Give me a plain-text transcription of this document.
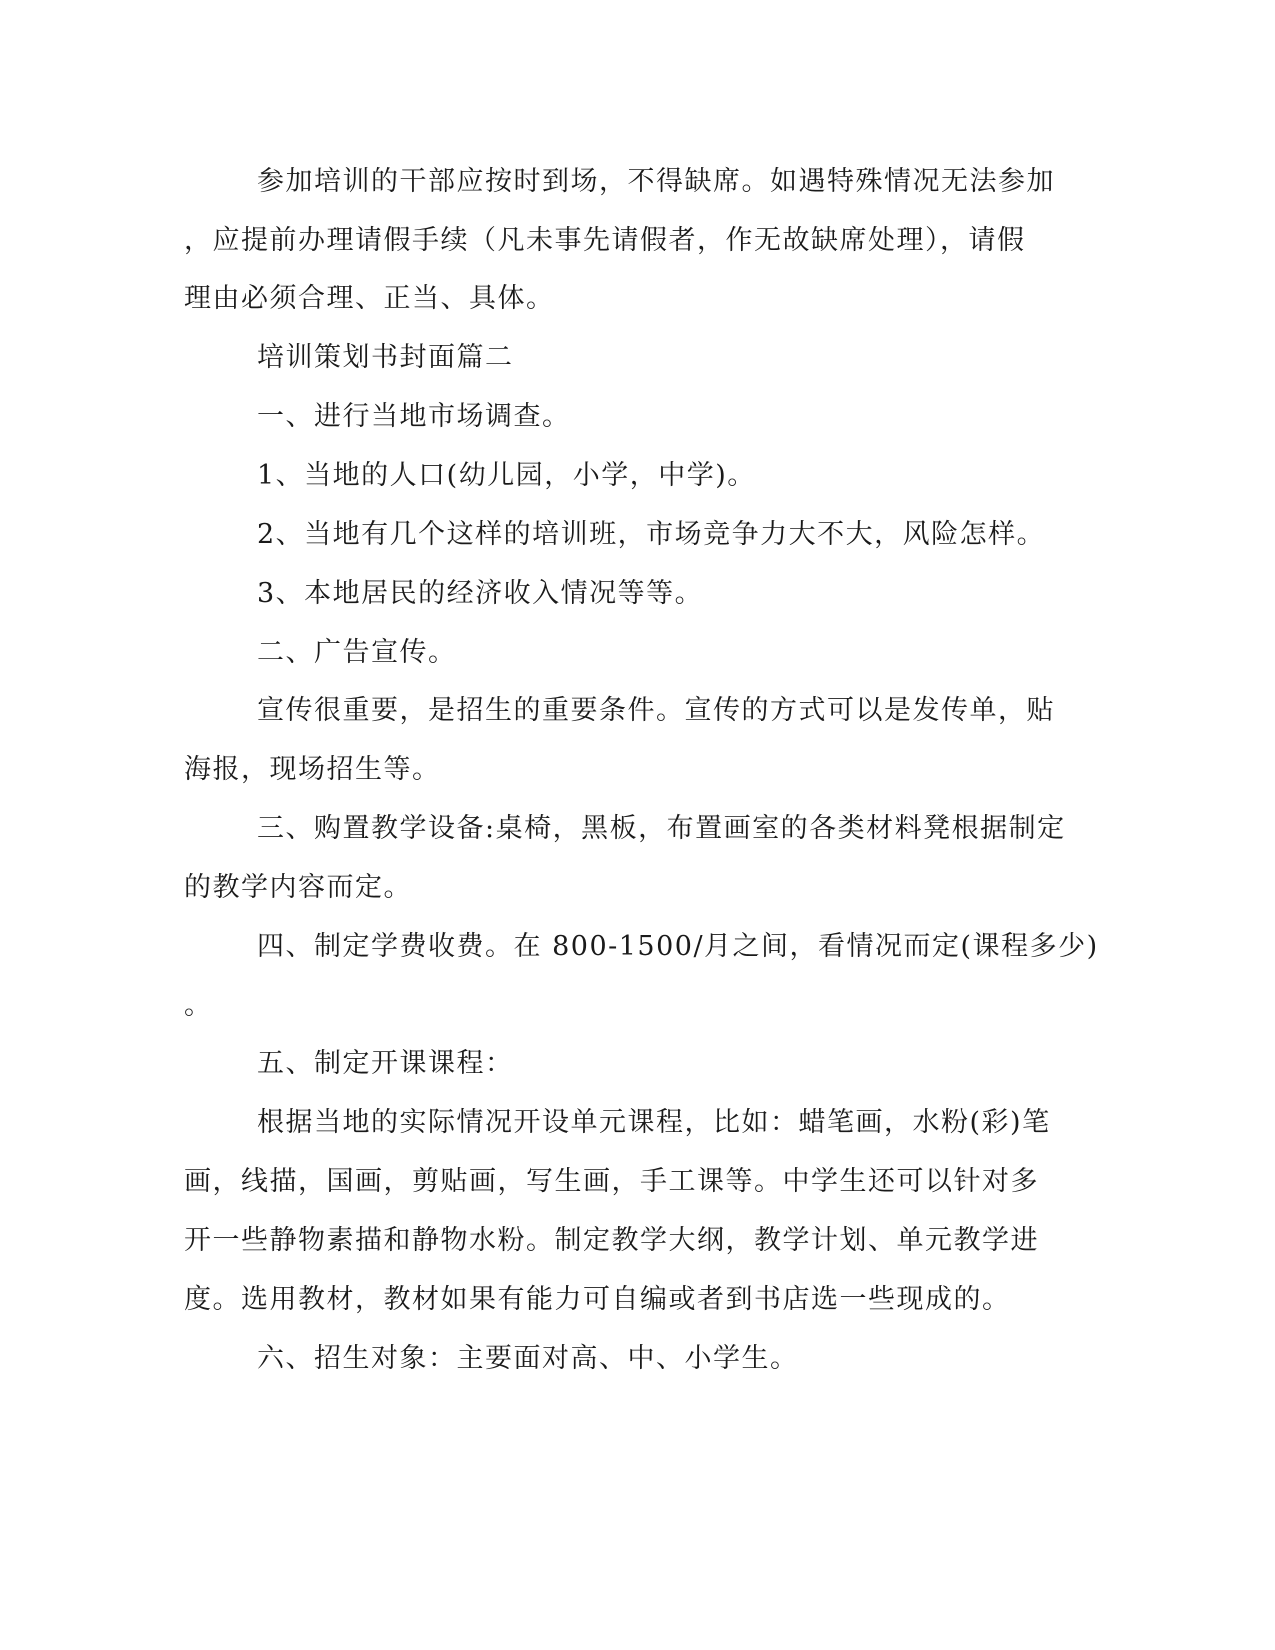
参加培训的干部应按时到场，不得缺席。如遇特殊情况无法参加
，应提前办理请假手续（凡未事先请假者，作无故缺席处理），请假
理由必须合理、正当、具体。
培训策划书封面篇二
一、进行当地市场调查。
1、当地的人口(幼儿园，小学，中学)。
2、当地有几个这样的培训班，市场竞争力大不大，风险怎样。
3、本地居民的经济收入情况等等。
二、广告宣传。
宣传很重要，是招生的重要条件。宣传的方式可以是发传单，贴
海报，现场招生等。
三、购置教学设备:桌椅，黑板，布置画室的各类材料凳根据制定
的教学内容而定。
四、制定学费收费。在 800-1500/月之间，看情况而定(课程多少)
。
五、制定开课课程：
根据当地的实际情况开设单元课程，比如：蜡笔画，水粉(彩)笔
画，线描，国画，剪贴画，写生画，手工课等。中学生还可以针对多
开一些静物素描和静物水粉。制定教学大纲，教学计划、单元教学进
度。选用教材，教材如果有能力可自编或者到书店选一些现成的。
六、招生对象：主要面对高、中、小学生。
